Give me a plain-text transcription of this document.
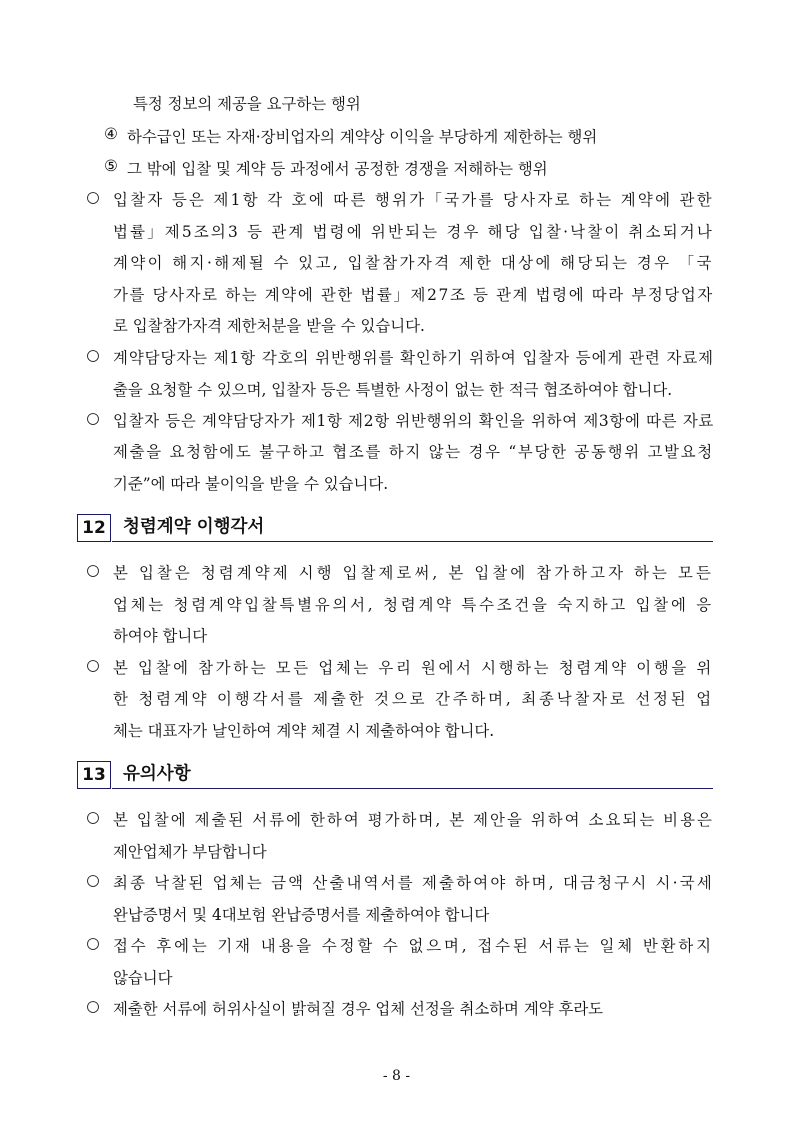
특정 정보의 제공을 요구하는 행위
④ 하수급인 또는 자재·장비업자의 계약상 이익을 부당하게 제한하는 행위
⑤ 그 밖에 입찰 및 계약 등 과정에서 공정한 경쟁을 저해하는 행위
○ 입찰자 등은 제1항 각 호에 따른 행위가「국가를 당사자로 하는 계약에 관한
법률」제5조의3 등 관계 법령에 위반되는 경우 해당 입찰·낙찰이 취소되거나
계약이 해지·해제될 수 있고, 입찰참가자격 제한 대상에 해당되는 경우 「국
가를 당사자로 하는 계약에 관한 법률」제27조 등 관계 법령에 따라 부정당업자
로 입찰참가자격 제한처분을 받을 수 있습니다.
○ 계약담당자는 제1항 각호의 위반행위를 확인하기 위하여 입찰자 등에게 관련 자료제
출을 요청할 수 있으며, 입찰자 등은 특별한 사정이 없는 한 적극 협조하여야 합니다.
○ 입찰자 등은 계약담당자가 제1항 제2항 위반행위의 확인을 위하여 제3항에 따른 자료
제출을 요청함에도 불구하고 협조를 하지 않는 경우 “부당한 공동행위 고발요청
기준”에 따라 불이익을 받을 수 있습니다.
12 청렴계약 이행각서
○ 본 입찰은 청렴계약제 시행 입찰제로써, 본 입찰에 참가하고자 하는 모든
업체는 청렴계약입찰특별유의서, 청렴계약 특수조건을 숙지하고 입찰에 응
하여야 합니다
○ 본 입찰에 참가하는 모든 업체는 우리 원에서 시행하는 청렴계약 이행을 위
한 청렴계약 이행각서를 제출한 것으로 간주하며, 최종낙찰자로 선정된 업
체는 대표자가 날인하여 계약 체결 시 제출하여야 합니다.
13 유의사항
○ 본 입찰에 제출된 서류에 한하여 평가하며, 본 제안을 위하여 소요되는 비용은
제안업체가 부담합니다
○ 최종 낙찰된 업체는 금액 산출내역서를 제출하여야 하며, 대금청구시 시·국세
완납증명서 및 4대보험 완납증명서를 제출하여야 합니다
○ 접수 후에는 기재 내용을 수정할 수 없으며, 접수된 서류는 일체 반환하지
않습니다
○ 제출한 서류에 허위사실이 밝혀질 경우 업체 선정을 취소하며 계약 후라도
- 8 -
